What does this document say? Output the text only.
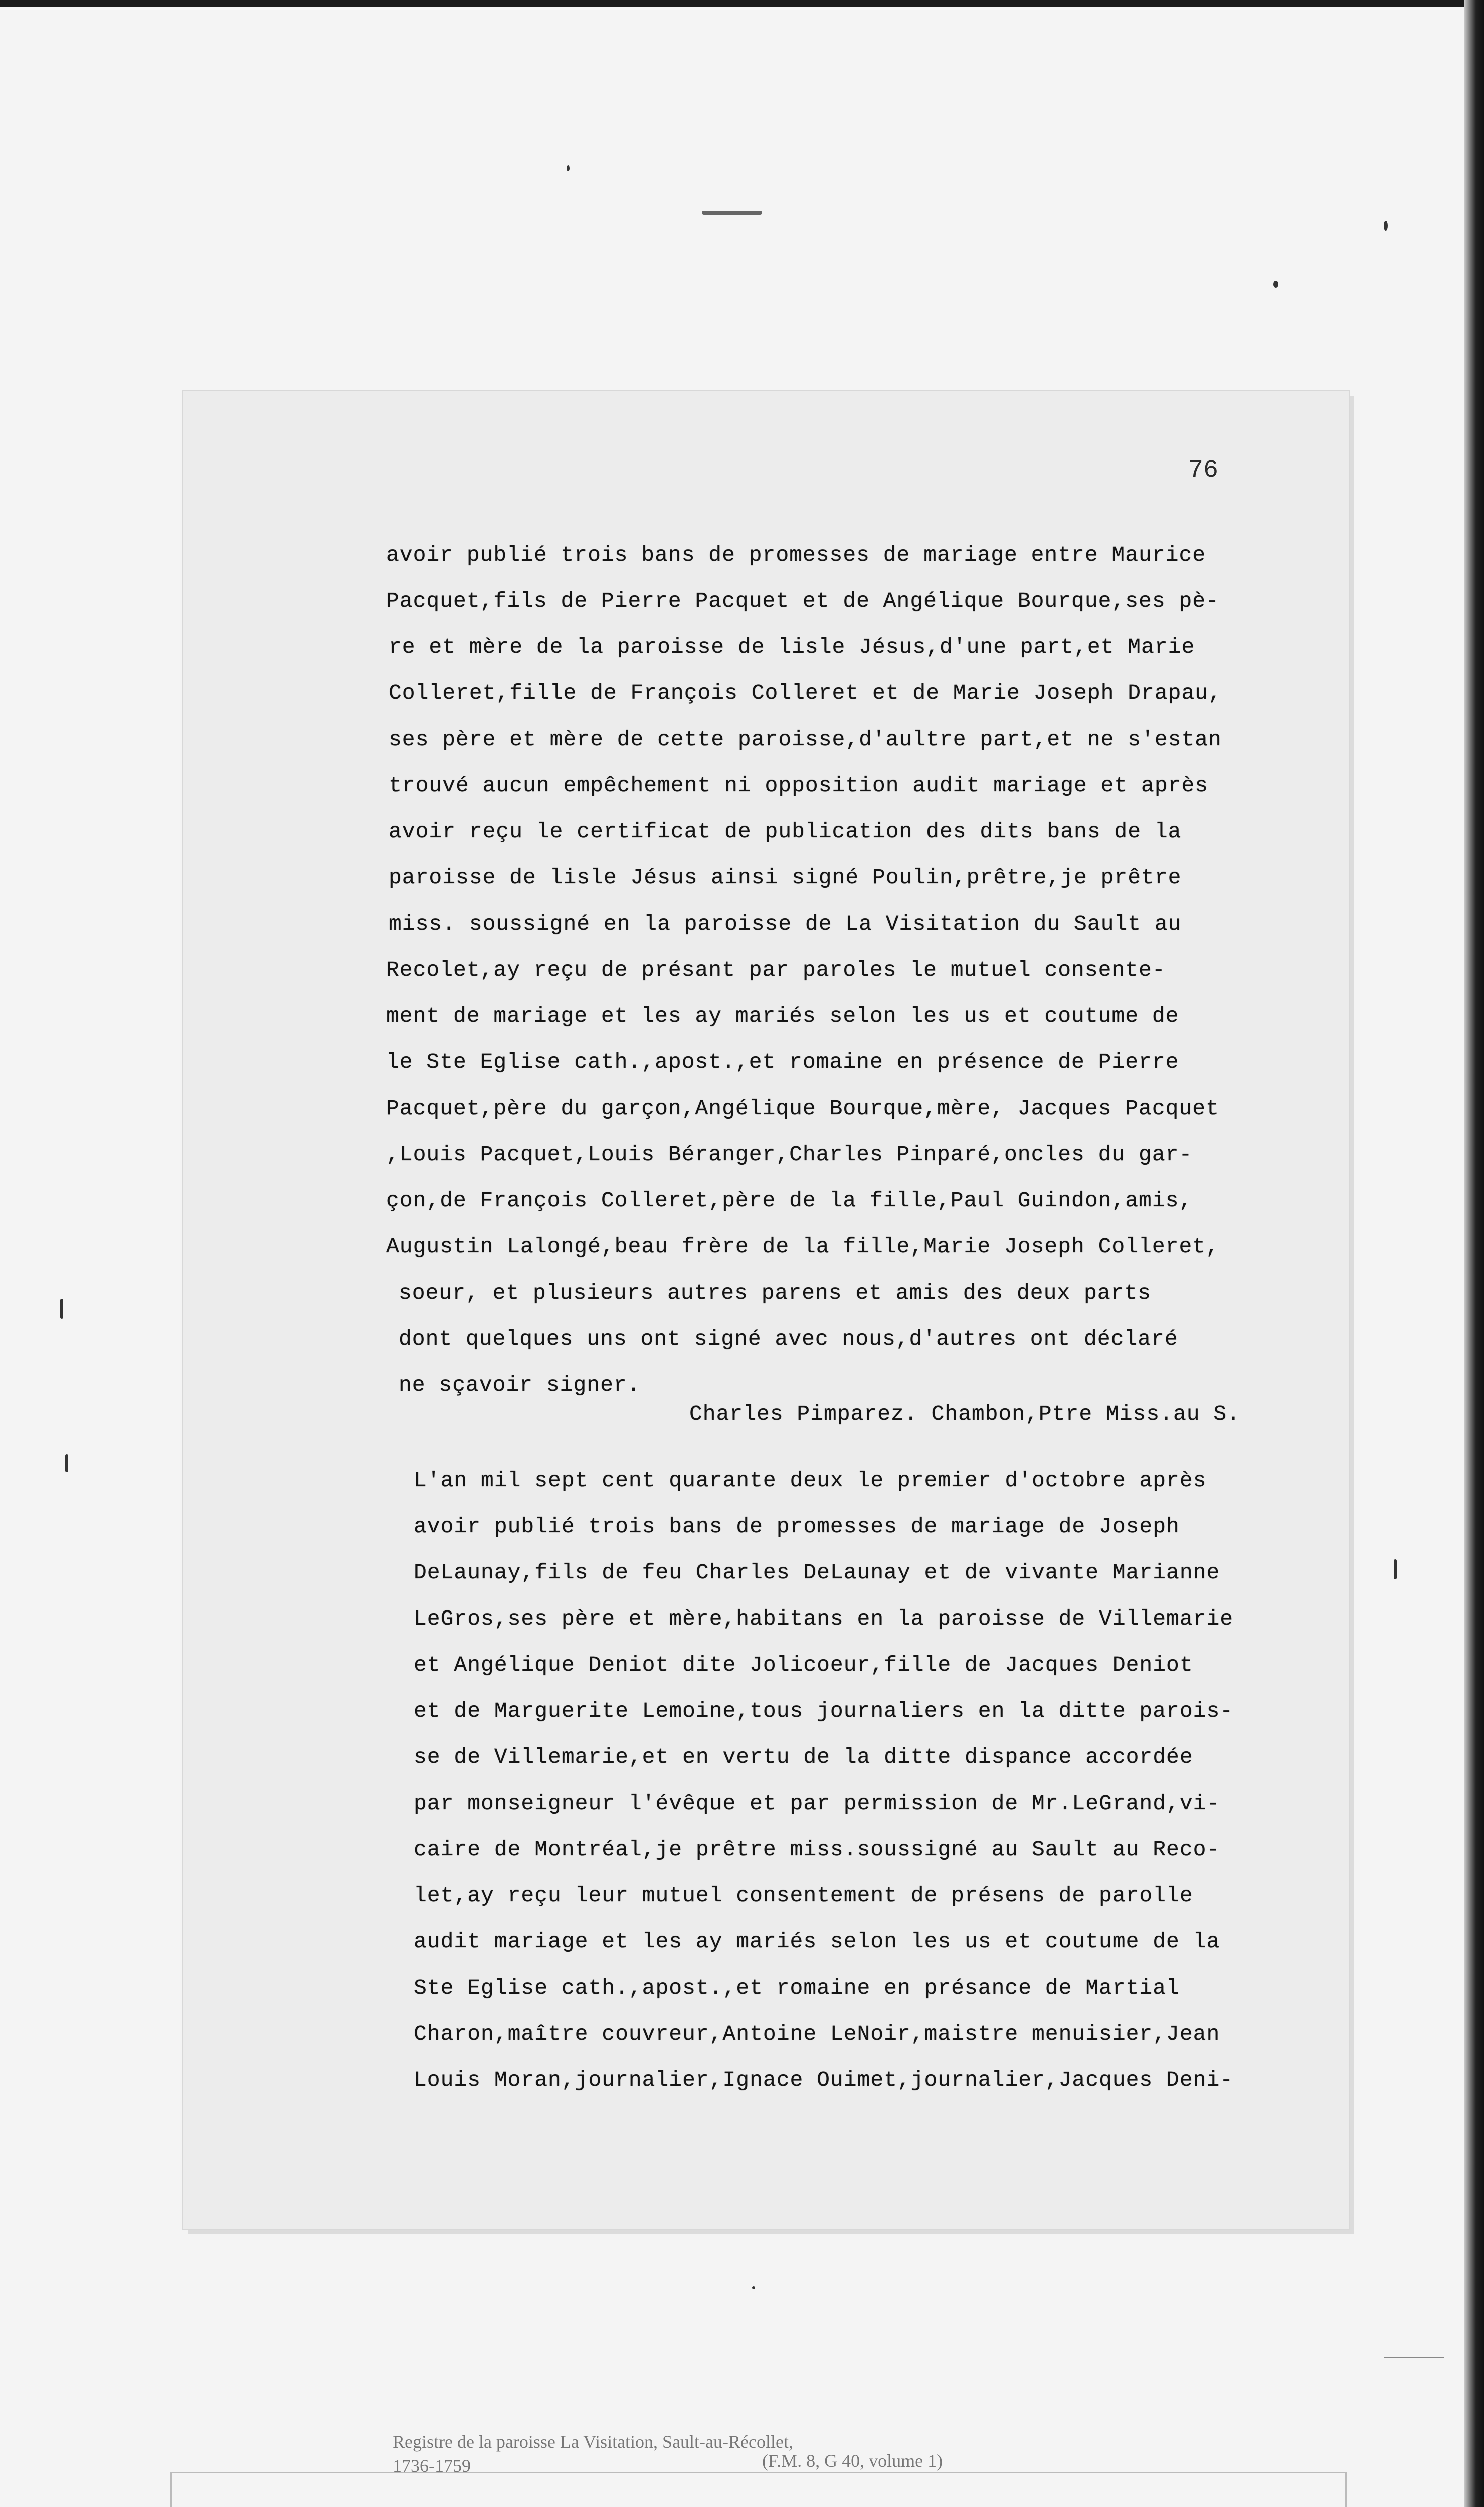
76
avoir publié trois bans de promesses de mariage entre Maurice
Pacquet,fils de Pierre Pacquet et de Angélique Bourque,ses pè-
re et mère de la paroisse de lisle Jésus,d'une part,et Marie
Colleret,fille de François Colleret et de Marie Joseph Drapau,
ses père et mère de cette paroisse,d'aultre part,et ne s'estan
trouvé aucun empêchement ni opposition audit mariage et après
avoir reçu le certificat de publication des dits bans de la
paroisse de lisle Jésus ainsi signé Poulin,prêtre,je prêtre
miss. soussigné en la paroisse de La Visitation du Sault au
Recolet,ay reçu de présant par paroles le mutuel consente-
ment de mariage et les ay mariés selon les us et coutume de
le Ste Eglise cath.,apost.,et romaine en présence de Pierre
Pacquet,père du garçon,Angélique Bourque,mère, Jacques Pacquet
,Louis Pacquet,Louis Béranger,Charles Pinparé,oncles du gar-
çon,de François Colleret,père de la fille,Paul Guindon,amis,
Augustin Lalongé,beau frère de la fille,Marie Joseph Colleret,
soeur, et plusieurs autres parens et amis des deux parts
dont quelques uns ont signé avec nous,d'autres ont déclaré
ne sçavoir signer.
Charles Pimparez. Chambon,Ptre Miss.au S.
L'an mil sept cent quarante deux le premier d'octobre après
avoir publié trois bans de promesses de mariage de Joseph
DeLaunay,fils de feu Charles DeLaunay et de vivante Marianne
LeGros,ses père et mère,habitans en la paroisse de Villemarie
et Angélique Deniot dite Jolicoeur,fille de Jacques Deniot
et de Marguerite Lemoine,tous journaliers en la ditte parois-
se de Villemarie,et en vertu de la ditte dispance accordée
par monseigneur l'évêque et par permission de Mr.LeGrand,vi-
caire de Montréal,je prêtre miss.soussigné au Sault au Reco-
let,ay reçu leur mutuel consentement de présens de parolle
audit mariage et les ay mariés selon les us et coutume de la
Ste Eglise cath.,apost.,et romaine en présance de Martial
Charon,maître couvreur,Antoine LeNoir,maistre menuisier,Jean
Louis Moran,journalier,Ignace Ouimet,journalier,Jacques Deni-
Registre de la paroisse La Visitation, Sault-au-Récollet,
1736-1759	(F.M. 8, G 40, volume 1)
